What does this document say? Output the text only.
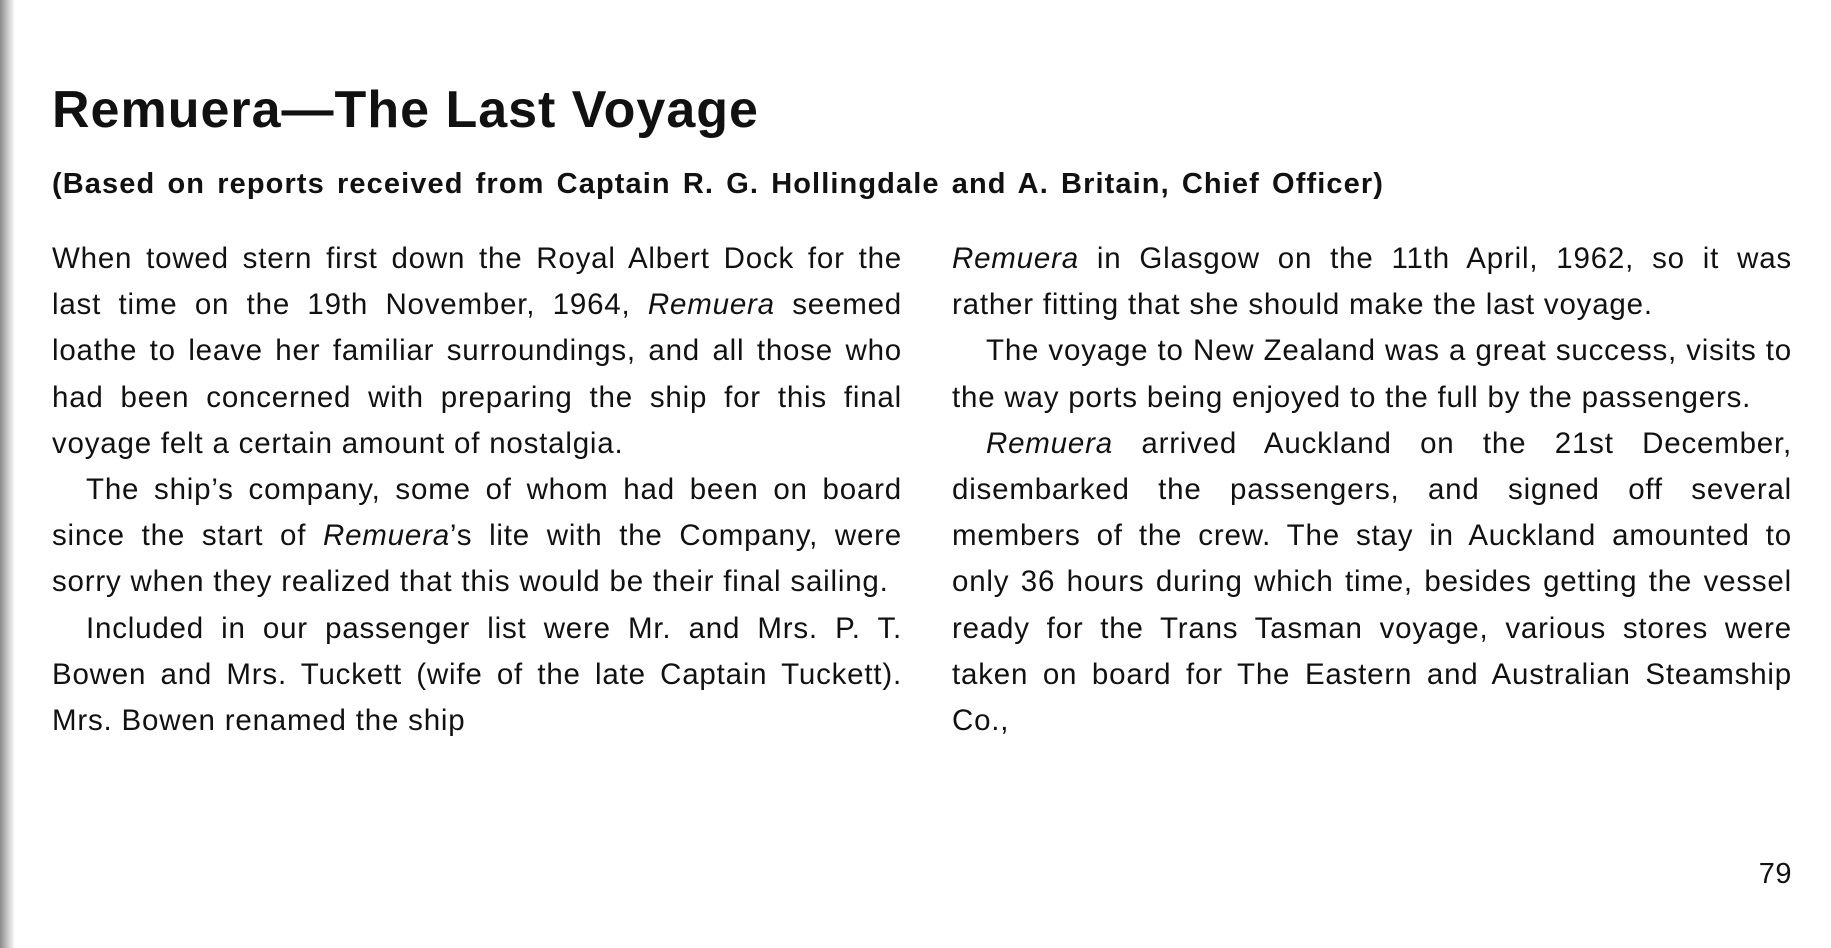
Remuera—The Last Voyage
(Based on reports received from Captain R. G. Hollingdale and A. Britain, Chief Officer)

When towed stern first down the Royal Albert Dock for the last time on the 19th November, 1964, Remuera seemed loathe to leave her familiar surroundings, and all those who had been concerned with preparing the ship for this final voyage felt a certain amount of nostalgia.

The ship’s company, some of whom had been on board since the start of Remuera’s lite with the Company, were sorry when they realized that this would be their final sailing.

Included in our passenger list were Mr. and Mrs. P. T. Bowen and Mrs. Tuckett (wife of the late Captain Tuckett). Mrs. Bowen renamed the ship

Remuera in Glasgow on the 11th April, 1962, so it was rather fitting that she should make the last voyage.

The voyage to New Zealand was a great success, visits to the way ports being enjoyed to the full by the passengers.

Remuera arrived Auckland on the 21st December, disembarked the passengers, and signed off several members of the crew. The stay in Auckland amounted to only 36 hours during which time, besides getting the vessel ready for the Trans Tasman voyage, various stores were taken on board for The Eastern and Australian Steamship Co.,

79
